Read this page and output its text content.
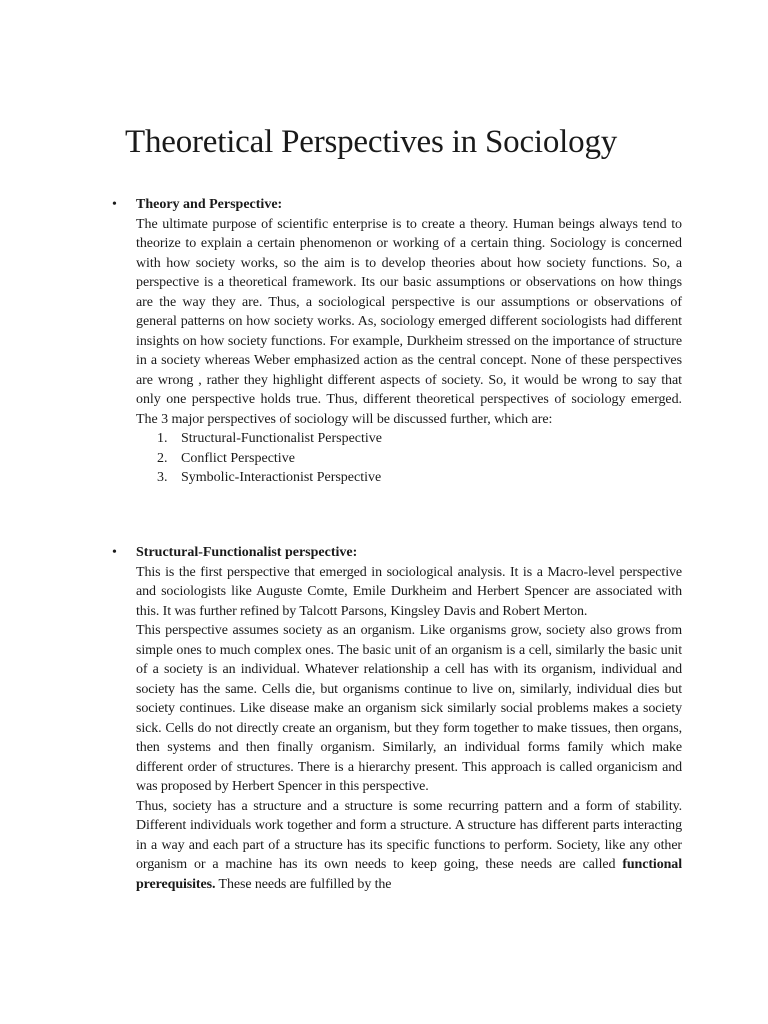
Theoretical Perspectives in Sociology
• Theory and Perspective:

The ultimate purpose of scientific enterprise is to create a theory. Human beings always tend to theorize to explain a certain phenomenon or working of a certain thing. Sociology is concerned with how society works, so the aim is to develop theories about how society functions. So, a perspective is a theoretical framework. Its our basic assumptions or observations on how things are the way they are. Thus, a sociological perspective is our assumptions or observations of general patterns on how society works. As, sociology emerged different sociologists had different insights on how society functions. For example, Durkheim stressed on the importance of structure in a society whereas Weber emphasized action as the central concept. None of these perspectives are wrong , rather they highlight different aspects of society. So, it would be wrong to say that only one perspective holds true. Thus, different theoretical perspectives of sociology emerged. The 3 major perspectives of sociology will be discussed further, which are:

1. Structural-Functionalist Perspective
2. Conflict Perspective
3. Symbolic-Interactionist Perspective
• Structural-Functionalist perspective:

This is the first perspective that emerged in sociological analysis. It is a Macro-level perspective and sociologists like Auguste Comte, Emile Durkheim and Herbert Spencer are associated with this. It was further refined by Talcott Parsons, Kingsley Davis and Robert Merton.

This perspective assumes society as an organism. Like organisms grow, society also grows from simple ones to much complex ones. The basic unit of an organism is a cell, similarly the basic unit of a society is an individual. Whatever relationship a cell has with its organism, individual and society has the same. Cells die, but organisms continue to live on, similarly, individual dies but society continues. Like disease make an organism sick similarly social problems makes a society sick. Cells do not directly create an organism, but they form together to make tissues, then organs, then systems and then finally organism. Similarly, an individual forms family which make different order of structures. There is a hierarchy present. This approach is called organicism and was proposed by Herbert Spencer in this perspective.

Thus, society has a structure and a structure is some recurring pattern and a form of stability. Different individuals work together and form a structure. A structure has different parts interacting in a way and each part of a structure has its specific functions to perform. Society, like any other organism or a machine has its own needs to keep going, these needs are called functional prerequisites. These needs are fulfilled by the
